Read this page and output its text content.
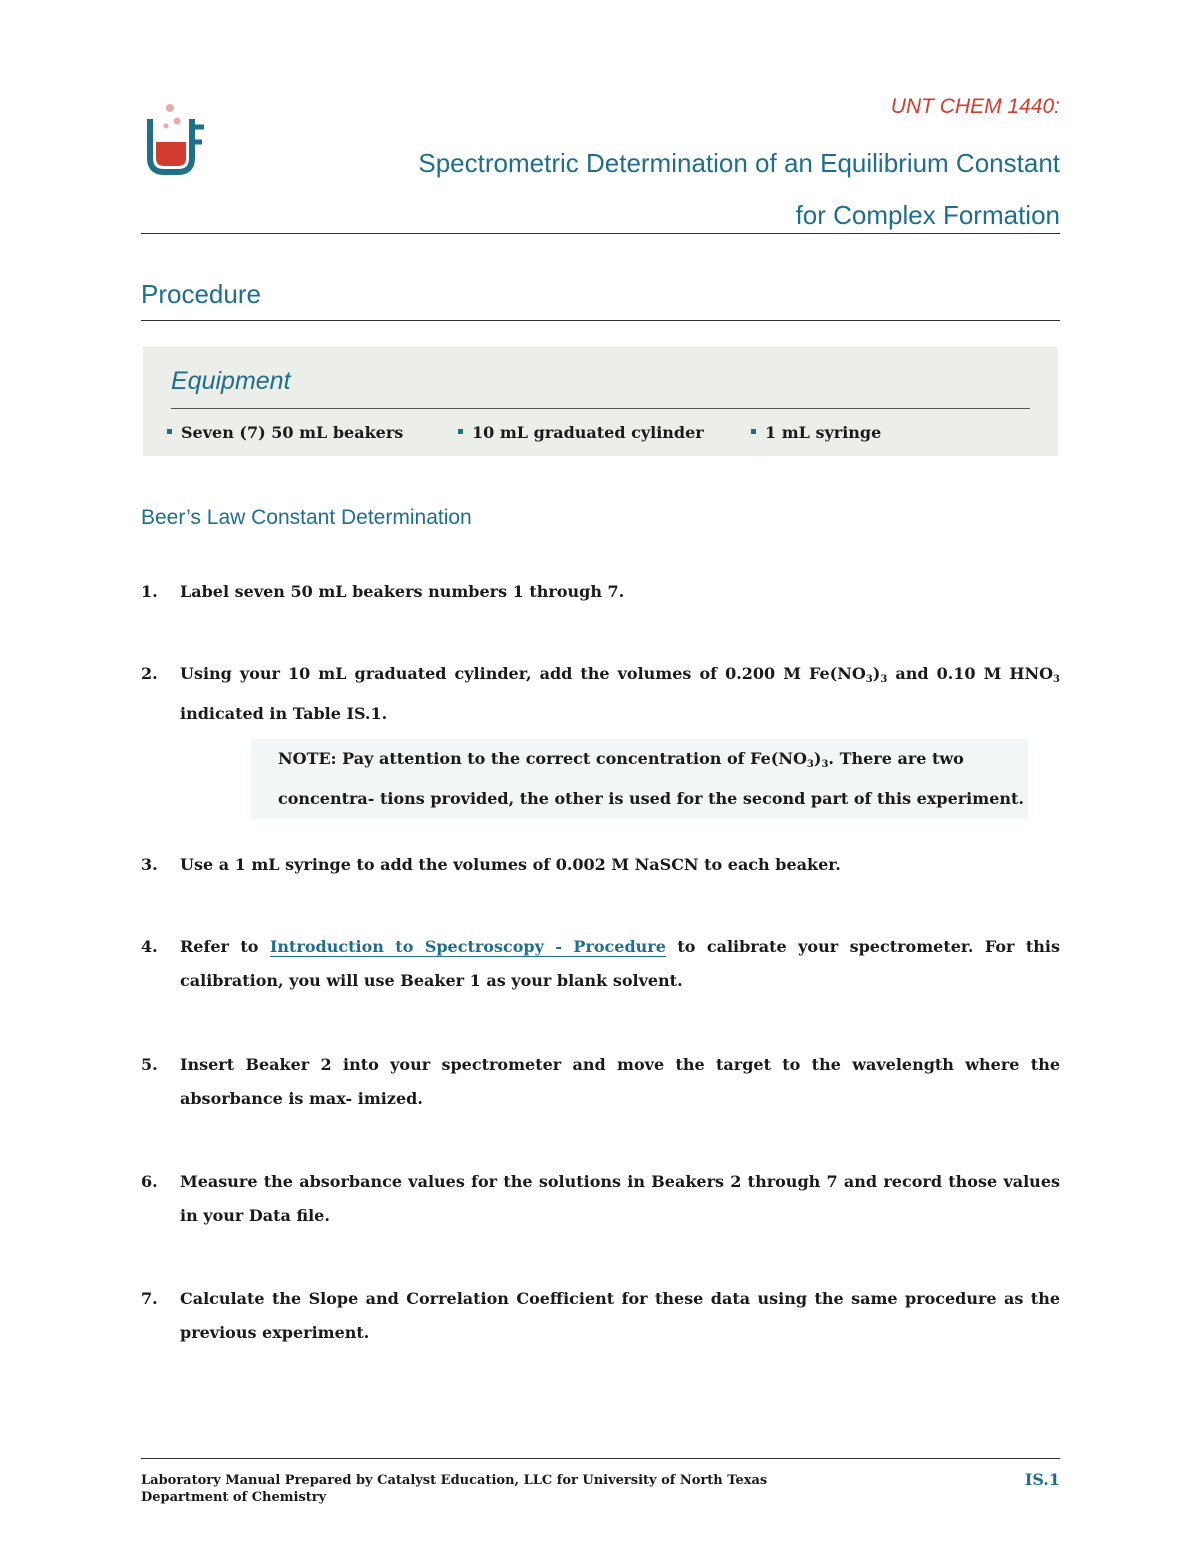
UNT CHEM 1440:
Spectrometric Determination of an Equilibrium Constant
for Complex Formation
Procedure
Equipment
Seven (7) 50 mL beakers	10 mL graduated cylinder	1 mL syringe
Beer’s Law Constant Determination
1. Label seven 50 mL beakers numbers 1 through 7.
2. Using your 10 mL graduated cylinder, add the volumes of 0.200 M $Fe(NO_3)_3$ and 0.10 M $HNO_3$ indicated in Table IS.1.
NOTE: Pay attention to the correct concentration of $Fe(NO_3)_3$. There are two concentra- tions provided, the other is used for the second part of this experiment.
3. Use a 1 mL syringe to add the volumes of 0.002 M NaSCN to each beaker.
4. Refer to Introduction to Spectroscopy - Procedure to calibrate your spectrometer. For this calibration, you will use Beaker 1 as your blank solvent.
5. Insert Beaker 2 into your spectrometer and move the target to the wavelength where the absorbance is max- imized.
6. Measure the absorbance values for the solutions in Beakers 2 through 7 and record those values in your Data file.
7. Calculate the Slope and Correlation Coefficient for these data using the same procedure as the previous experiment.
Laboratory Manual Prepared by Catalyst Education, LLC for University of North Texas
Department of Chemistry
IS.1
